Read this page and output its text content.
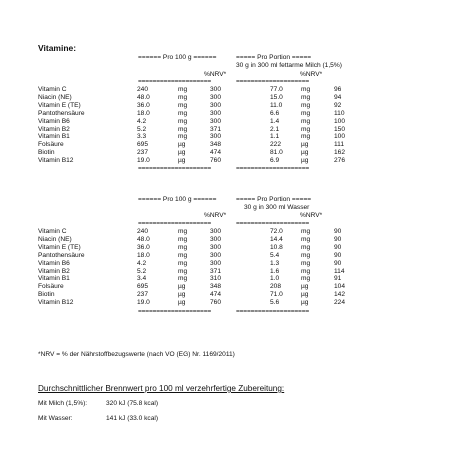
Vitamine:
====== Pro 100 g ======	===== Pro Portion =====
30 g in 300 ml fettarme Milch (1,5%)
%NRV*	%NRV*
====================	====================
Vitamin C	240	mg	300	77.0	mg	96
Niacin (NE)	48.0	mg	300	15.0	mg	94
Vitamin E (TE)	36.0	mg	300	11.0	mg	92
Pantothensäure	18.0	mg	300	6.6	mg	110
Vitamin B6	4.2	mg	300	1.4	mg	100
Vitamin B2	5.2	mg	371	2.1	mg	150
Vitamin B1	3.3	mg	300	1.1	mg	100
Folsäure	695	µg	348	222	µg	111
Biotin	237	µg	474	81.0	µg	162
Vitamin B12	19.0	µg	760	6.9	µg	276
====================	====================
====== Pro 100 g ======	===== Pro Portion =====
30 g in 300 ml Wasser
%NRV*	%NRV*
====================	====================
Vitamin C	240	mg	300	72.0	mg	90
Niacin (NE)	48.0	mg	300	14.4	mg	90
Vitamin E (TE)	36.0	mg	300	10.8	mg	90
Pantothensäure	18.0	mg	300	5.4	mg	90
Vitamin B6	4.2	mg	300	1.3	mg	90
Vitamin B2	5.2	mg	371	1.6	mg	114
Vitamin B1	3.4	mg	310	1.0	mg	91
Folsäure	695	µg	348	208	µg	104
Biotin	237	µg	474	71.0	µg	142
Vitamin B12	19.0	µg	760	5.6	µg	224
====================	====================
*NRV = % der Nährstoffbezugswerte (nach VO (EG) Nr. 1169/2011)
Durchschnittlicher Brennwert pro 100 ml verzehrfertige Zubereitung:
Mit Milch (1,5%):	320 kJ (75.8 kcal)
Mit Wasser:	141 kJ (33.0 kcal)
